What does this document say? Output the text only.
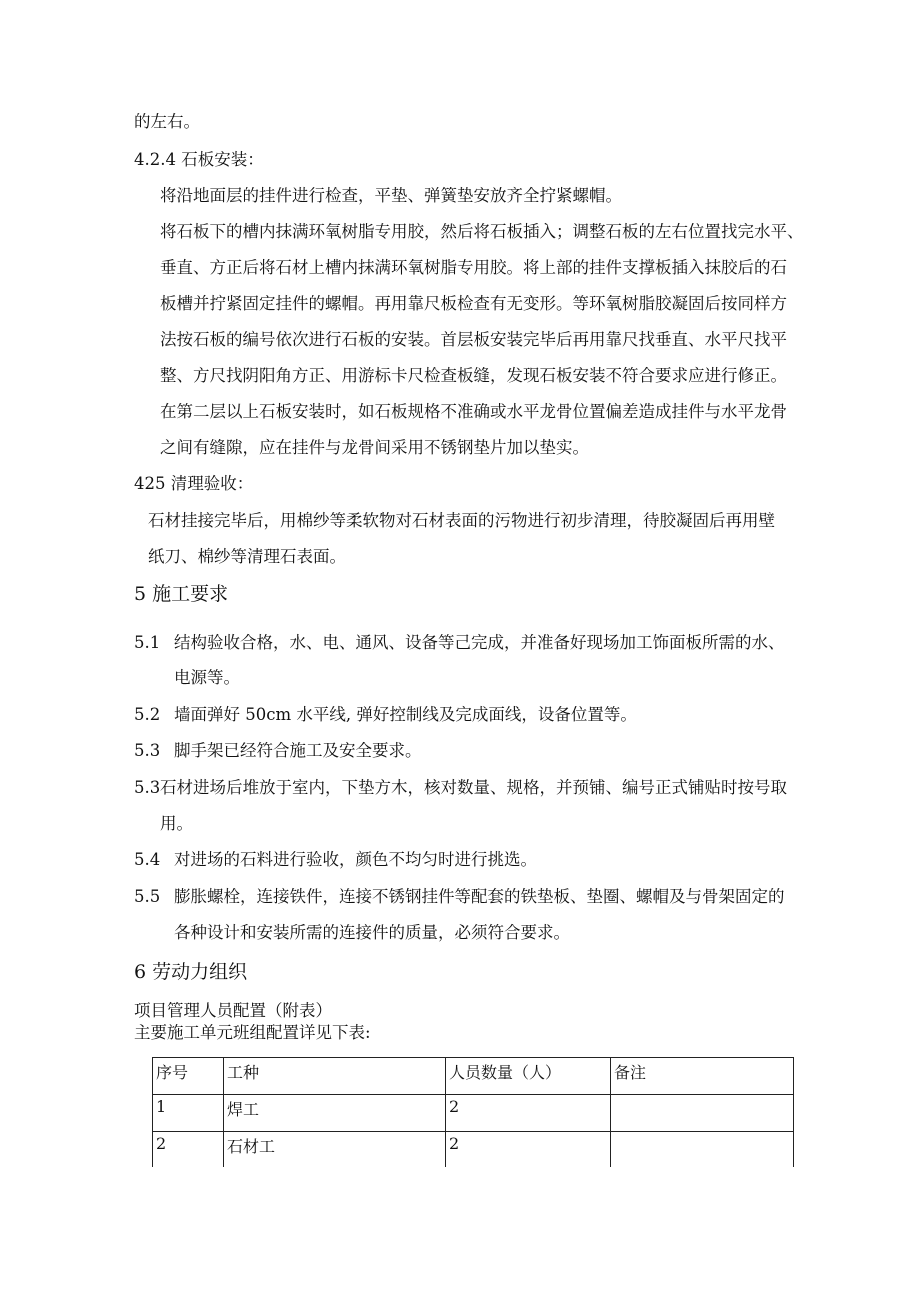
的左右。
4.2.4 石板安装：
将沿地面层的挂件进行检查，平垫、弹簧垫安放齐全拧紧螺帽。
将石板下的槽内抹满环氧树脂专用胶，然后将石板插入；调整石板的左右位置找完水平、
垂直、方正后将石材上槽内抹满环氧树脂专用胶。将上部的挂件支撑板插入抹胶后的石
板槽并拧紧固定挂件的螺帽。再用靠尺板检查有无变形。等环氧树脂胶凝固后按同样方
法按石板的编号依次进行石板的安装。首层板安装完毕后再用靠尺找垂直、水平尺找平
整、方尺找阴阳角方正、用游标卡尺检查板缝，发现石板安装不符合要求应进行修正。
在第二层以上石板安装时，如石板规格不准确或水平龙骨位置偏差造成挂件与水平龙骨
之间有缝隙，应在挂件与龙骨间采用不锈钢垫片加以垫实。
425 清理验收：
石材挂接完毕后，用棉纱等柔软物对石材表面的污物进行初步清理，待胶凝固后再用壁
纸刀、棉纱等清理石表面。
5 施工要求
5.1 结构验收合格，水、电、通风、设备等己完成，并准备好现场加工饰面板所需的水、
电源等。
5.2 墙面弹好 50cm 水平线, 弹好控制线及完成面线，设备位置等。
5.3 脚手架已经符合施工及安全要求。
5.3 石材进场后堆放于室内，下垫方木，核对数量、规格，并预铺、编号正式铺贴时按号取
用。
5.4 对进场的石料进行验收，颜色不均匀时进行挑选。
5.5 膨胀螺栓，连接铁件，连接不锈钢挂件等配套的铁垫板、垫圈、螺帽及与骨架固定的
各种设计和安装所需的连接件的质量，必须符合要求。
6 劳动力组织
项目管理人员配置（附表）
主要施工单元班组配置详见下表:
序号	工种	人员数量（人）	备注
1	焊工	2	
2	石材工	2	
